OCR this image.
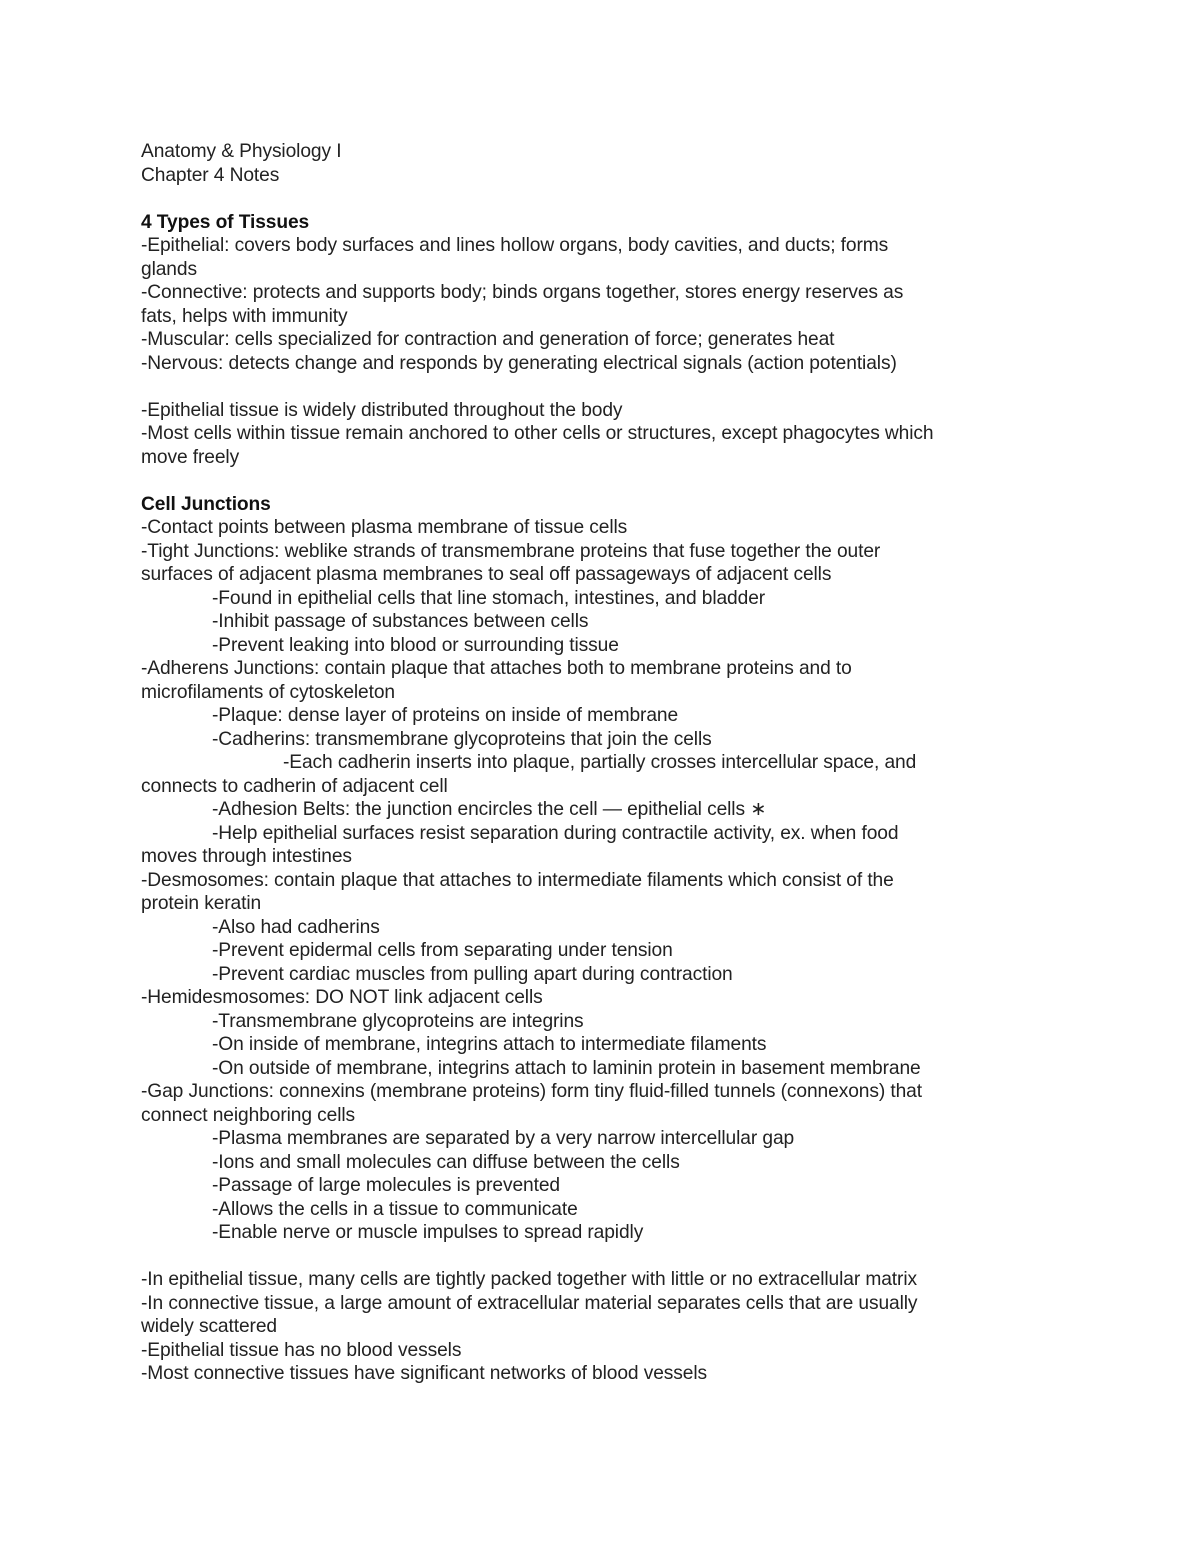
Anatomy & Physiology I
Chapter 4 Notes
4 Types of Tissues
-Epithelial: covers body surfaces and lines hollow organs, body cavities, and ducts; forms
glands
-Connective: protects and supports body; binds organs together, stores energy reserves as
fats, helps with immunity
-Muscular: cells specialized for contraction and generation of force; generates heat
-Nervous: detects change and responds by generating electrical signals (action potentials)
-Epithelial tissue is widely distributed throughout the body
-Most cells within tissue remain anchored to other cells or structures, except phagocytes which
move freely
Cell Junctions
-Contact points between plasma membrane of tissue cells
-Tight Junctions: weblike strands of transmembrane proteins that fuse together the outer
surfaces of adjacent plasma membranes to seal off passageways of adjacent cells
-Found in epithelial cells that line stomach, intestines, and bladder
-Inhibit passage of substances between cells
-Prevent leaking into blood or surrounding tissue
-Adherens Junctions: contain plaque that attaches both to membrane proteins and to
microfilaments of cytoskeleton
-Plaque: dense layer of proteins on inside of membrane
-Cadherins: transmembrane glycoproteins that join the cells
-Each cadherin inserts into plaque, partially crosses intercellular space, and
connects to cadherin of adjacent cell
-Adhesion Belts: the junction encircles the cell — epithelial cells ∗
-Help epithelial surfaces resist separation during contractile activity, ex. when food
moves through intestines
-Desmosomes: contain plaque that attaches to intermediate filaments which consist of the
protein keratin
-Also had cadherins
-Prevent epidermal cells from separating under tension
-Prevent cardiac muscles from pulling apart during contraction
-Hemidesmosomes: DO NOT link adjacent cells
-Transmembrane glycoproteins are integrins
-On inside of membrane, integrins attach to intermediate filaments
-On outside of membrane, integrins attach to laminin protein in basement membrane
-Gap Junctions: connexins (membrane proteins) form tiny fluid-filled tunnels (connexons) that
connect neighboring cells
-Plasma membranes are separated by a very narrow intercellular gap
-Ions and small molecules can diffuse between the cells
-Passage of large molecules is prevented
-Allows the cells in a tissue to communicate
-Enable nerve or muscle impulses to spread rapidly
-In epithelial tissue, many cells are tightly packed together with little or no extracellular matrix
-In connective tissue, a large amount of extracellular material separates cells that are usually
widely scattered
-Epithelial tissue has no blood vessels
-Most connective tissues have significant networks of blood vessels
